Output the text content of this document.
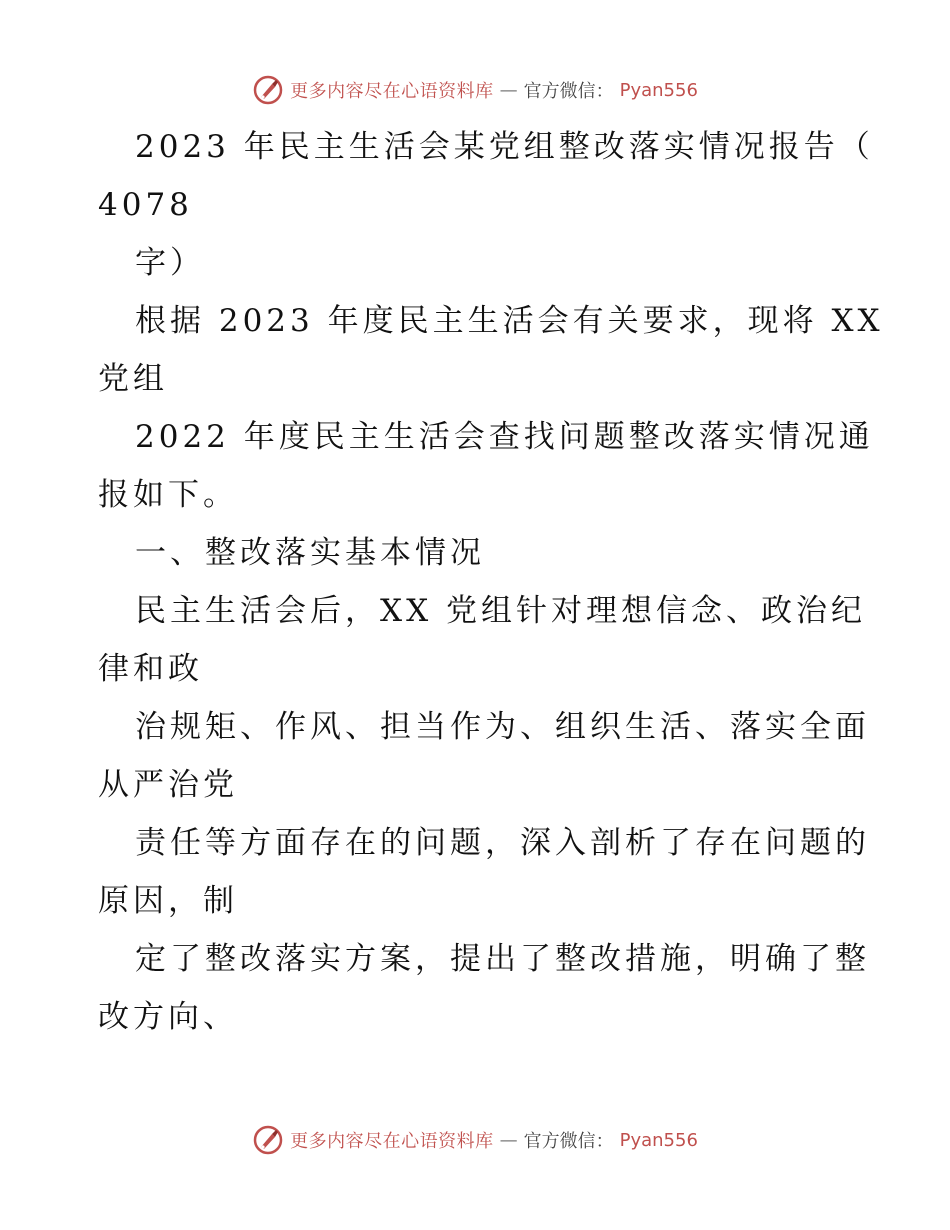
更多内容尽在心语资料库 — 官方微信： Pyan556
2023 年民主生活会某党组整改落实情况报告（
4078
字）
根据 2023 年度民主生活会有关要求，现将 XX
党组
2022 年度民主生活会查找问题整改落实情况通
报如下。
一、整改落实基本情况
民主生活会后，XX 党组针对理想信念、政治纪
律和政
治规矩、作风、担当作为、组织生活、落实全面
从严治党
责任等方面存在的问题，深入剖析了存在问题的
原因，制
定了整改落实方案，提出了整改措施，明确了整
改方向、
更多内容尽在心语资料库 — 官方微信： Pyan556
